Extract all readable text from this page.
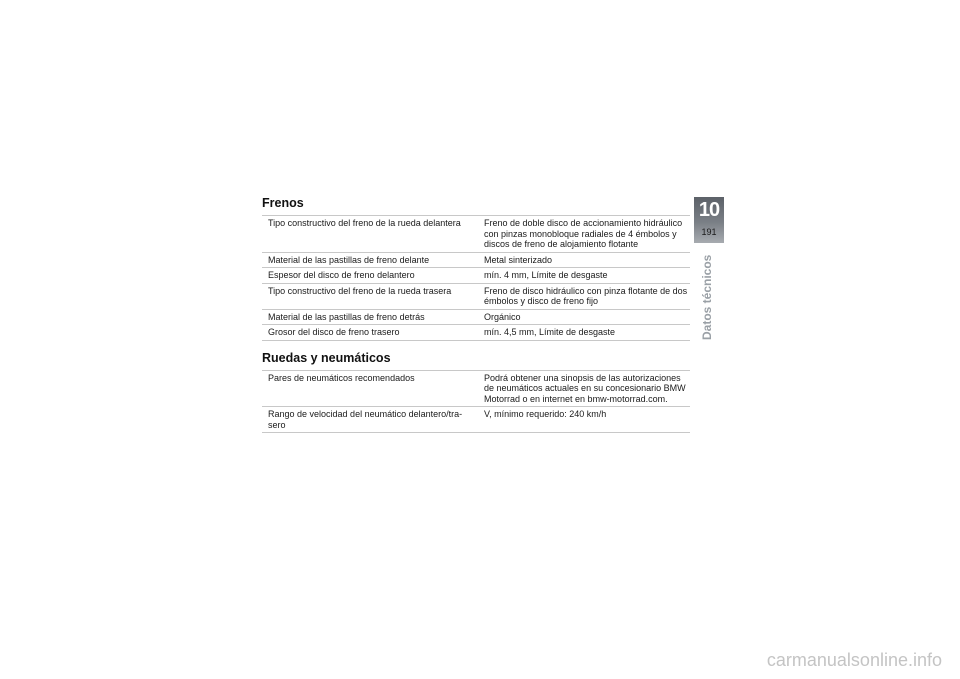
Frenos
Tipo constructivo del freno de la rueda delantera	Freno de doble disco de accionamiento hidráulico con pinzas monobloque radiales de 4 émbolos y discos de freno de alojamiento flotante
Material de las pastillas de freno delante	Metal sinterizado
Espesor del disco de freno delantero	mín. 4 mm, Límite de desgaste
Tipo constructivo del freno de la rueda trasera	Freno de disco hidráulico con pinza flotante de dos émbolos y disco de freno fijo
Material de las pastillas de freno detrás	Orgánico
Grosor del disco de freno trasero	mín. 4,5 mm, Límite de desgaste
Ruedas y neumáticos
Pares de neumáticos recomendados	Podrá obtener una sinopsis de las autorizaciones de neumáticos actuales en su concesionario BMW Motorrad o en internet en bmw-motorrad.com.
Rango de velocidad del neumático delantero/tra-sero	V, mínimo requerido: 240 km/h
10
191
Datos técnicos
carmanualsonline.info
